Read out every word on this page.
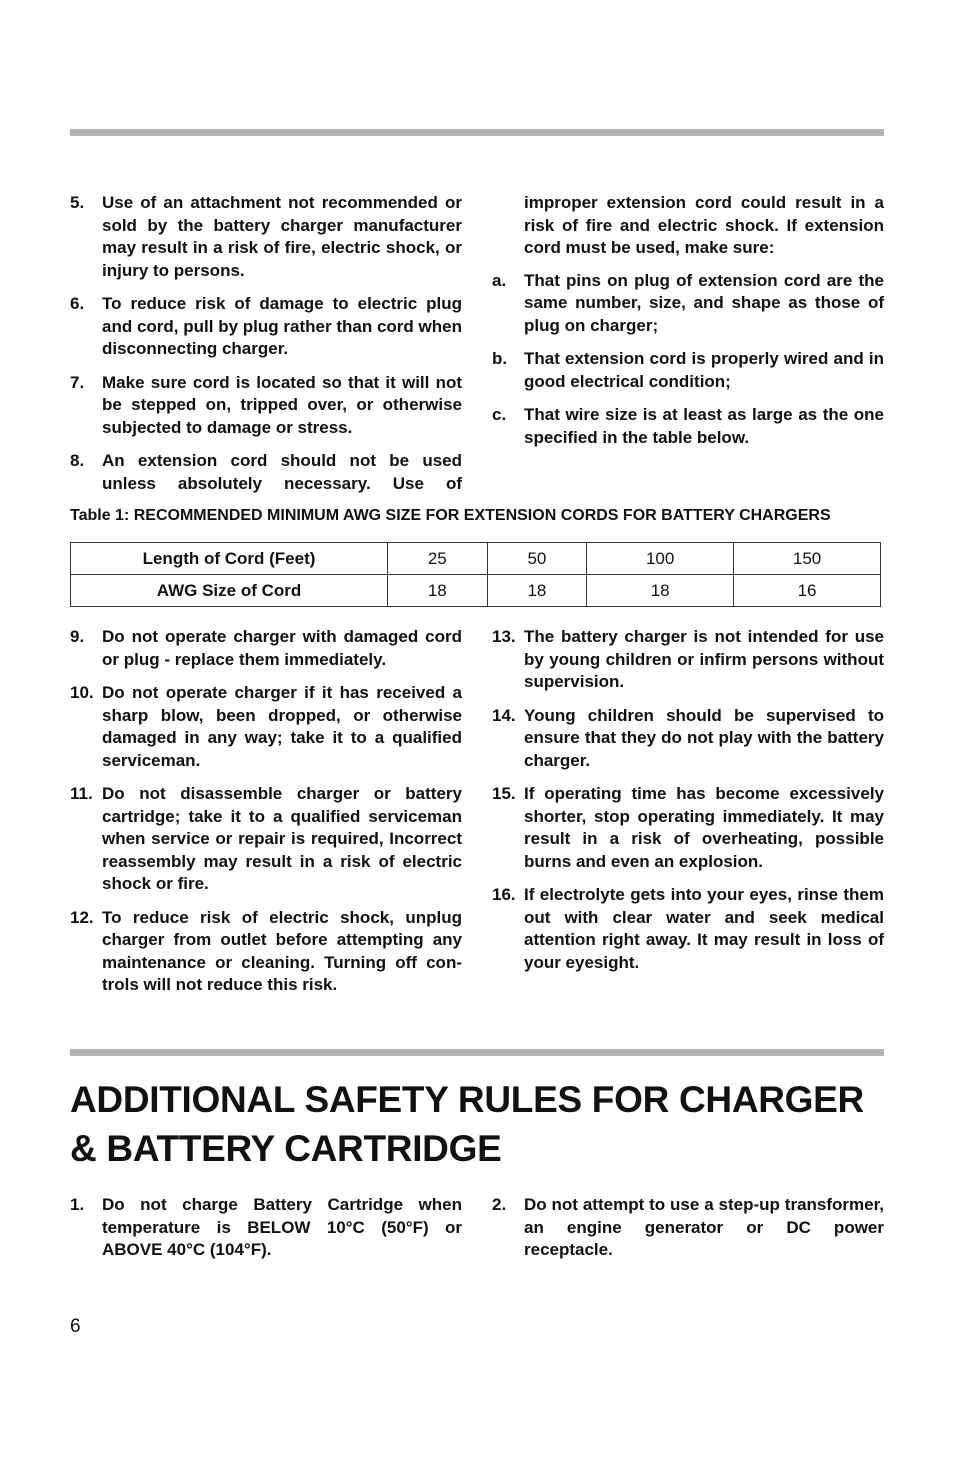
5.	Use of an attachment not recommended or sold by the battery charger manufacturer may result in a risk of fire, electric shock, or injury to persons.
6.	To reduce risk of damage to electric plug and cord, pull by plug rather than cord when disconnecting charger.
7.	Make sure cord is located so that it will not be stepped on, tripped over, or otherwise subjected to damage or stress.
8.	An extension cord should not be used unless absolutely necessary. Use of
improper extension cord could result in a risk of fire and electric shock. If extension cord must be used, make sure:
a.	That pins on plug of extension cord are the same number, size, and shape as those of plug on charger;
b. That extension cord is properly wired and in good electrical condition;
c.	That wire size is at least as large as the one specified in the table below.
Table 1: RECOMMENDED MINIMUM AWG SIZE FOR EXTENSION CORDS FOR BATTERY CHARGERS
Length of Cord (Feet)	25	50	100	150
AWG Size of Cord	18	18	18	16
9.	Do not operate charger with damaged cord or plug - replace them immediately.
10. Do not operate charger if it has received a sharp blow, been dropped, or otherwise damaged in any way; take it to a qualified serviceman.
11. Do not disassemble charger or battery cartridge; take it to a qualified serviceman when service or repair is required, Incorrect reassembly may result in a risk of electric shock or fire.
12. To reduce risk of electric shock, unplug charger from outlet before attempting any maintenance or cleaning. Turning off controls will not reduce this risk.
13. The battery charger is not intended for use by young children or infirm persons without supervision.
14. Young children should be supervised to ensure that they do not play with the battery charger.
15. If operating time has become excessively shorter, stop operating immediately. It may result in a risk of overheating, possible burns and even an explosion.
16. If electrolyte gets into your eyes, rinse them out with clear water and seek medical attention right away. It may result in loss of your eyesight.
ADDITIONAL SAFETY RULES FOR CHARGER & BATTERY CARTRIDGE
1.	Do not charge Battery Cartridge when temperature is BELOW 10°C (50°F) or ABOVE 40°C (104°F).
2.	Do not attempt to use a step-up transformer, an engine generator or DC power receptacle.
6
